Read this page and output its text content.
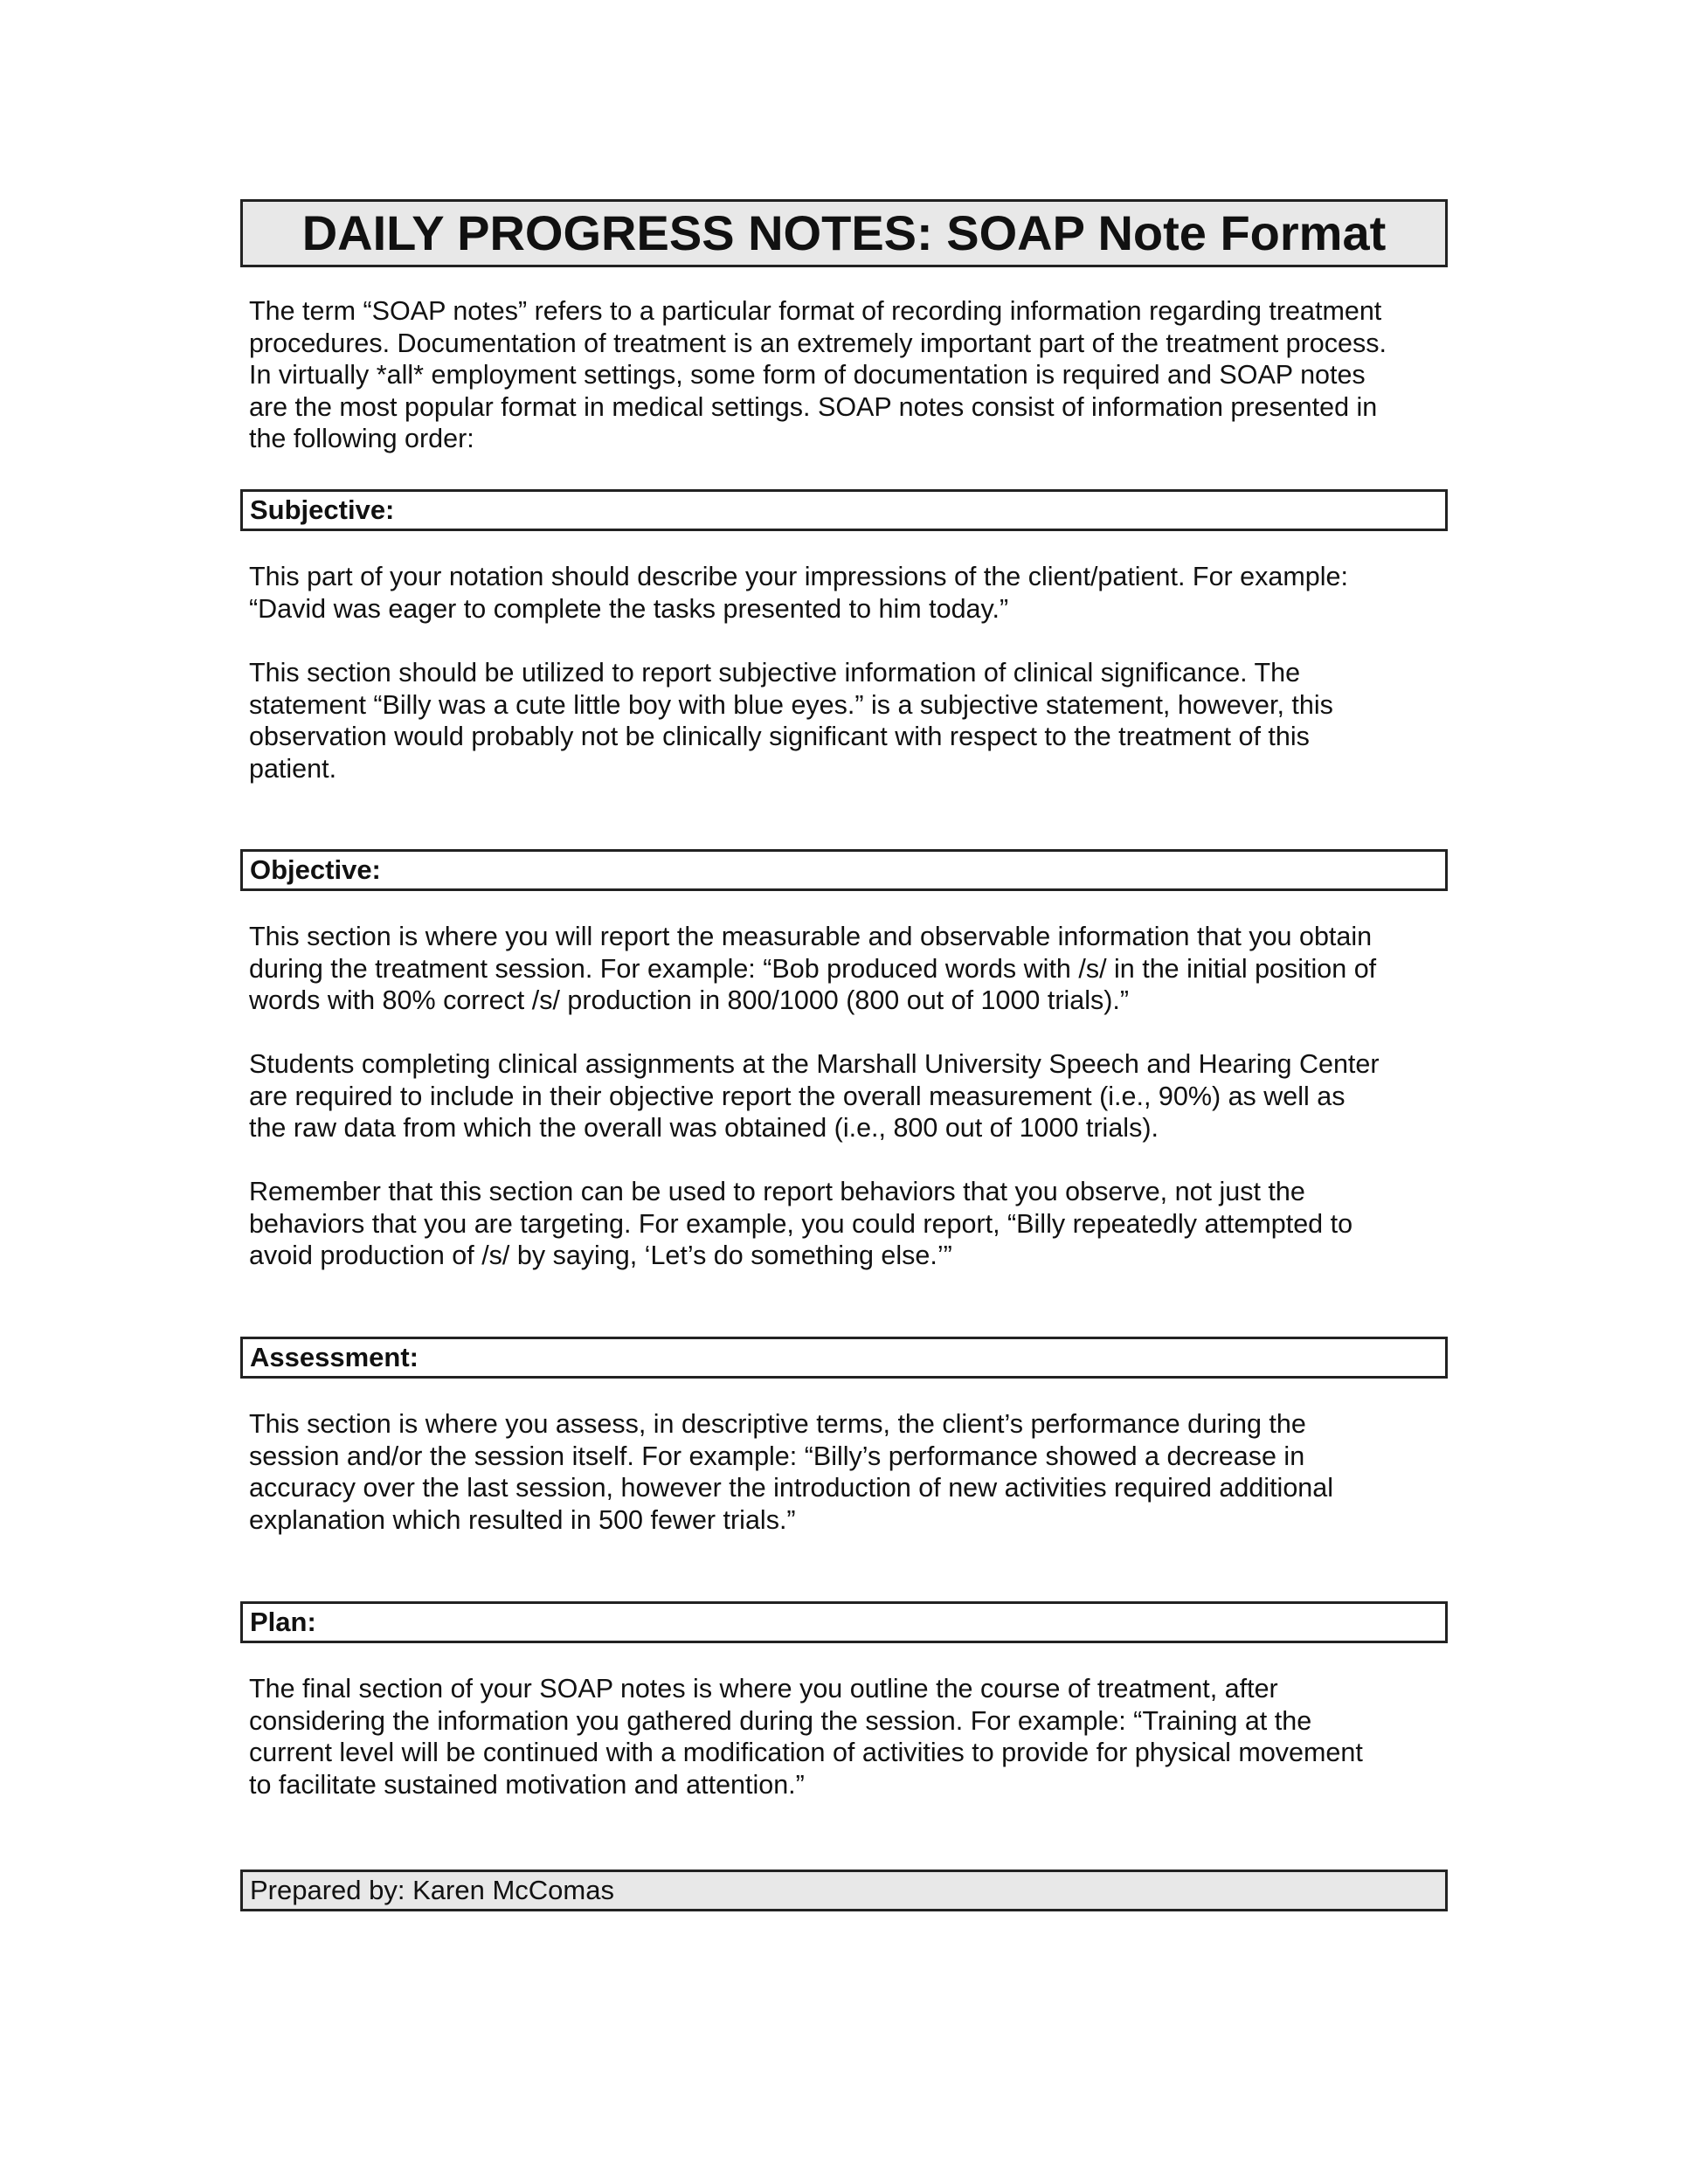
DAILY PROGRESS NOTES: SOAP Note Format

The term “SOAP notes” refers to a particular format of recording information regarding treatment
procedures. Documentation of treatment is an extremely important part of the treatment process.
In virtually *all* employment settings, some form of documentation is required and SOAP notes
are the most popular format in medical settings. SOAP notes consist of information presented in
the following order:

Subjective:

This part of your notation should describe your impressions of the client/patient. For example:
“David was eager to complete the tasks presented to him today.”

This section should be utilized to report subjective information of clinical significance. The
statement “Billy was a cute little boy with blue eyes.” is a subjective statement, however, this
observation would probably not be clinically significant with respect to the treatment of this
patient.

Objective:

This section is where you will report the measurable and observable information that you obtain
during the treatment session. For example: “Bob produced words with /s/ in the initial position of
words with 80% correct /s/ production in 800/1000 (800 out of 1000 trials).”

Students completing clinical assignments at the Marshall University Speech and Hearing Center
are required to include in their objective report the overall measurement (i.e., 90%) as well as
the raw data from which the overall was obtained (i.e., 800 out of 1000 trials).

Remember that this section can be used to report behaviors that you observe, not just the
behaviors that you are targeting. For example, you could report, “Billy repeatedly attempted to
avoid production of /s/ by saying, ‘Let’s do something else.’”

Assessment:

This section is where you assess, in descriptive terms, the client’s performance during the
session and/or the session itself. For example: “Billy’s performance showed a decrease in
accuracy over the last session, however the introduction of new activities required additional
explanation which resulted in 500 fewer trials.”

Plan:

The final section of your SOAP notes is where you outline the course of treatment, after
considering the information you gathered during the session. For example: “Training at the
current level will be continued with a modification of activities to provide for physical movement
to facilitate sustained motivation and attention.”

Prepared by: Karen McComas
